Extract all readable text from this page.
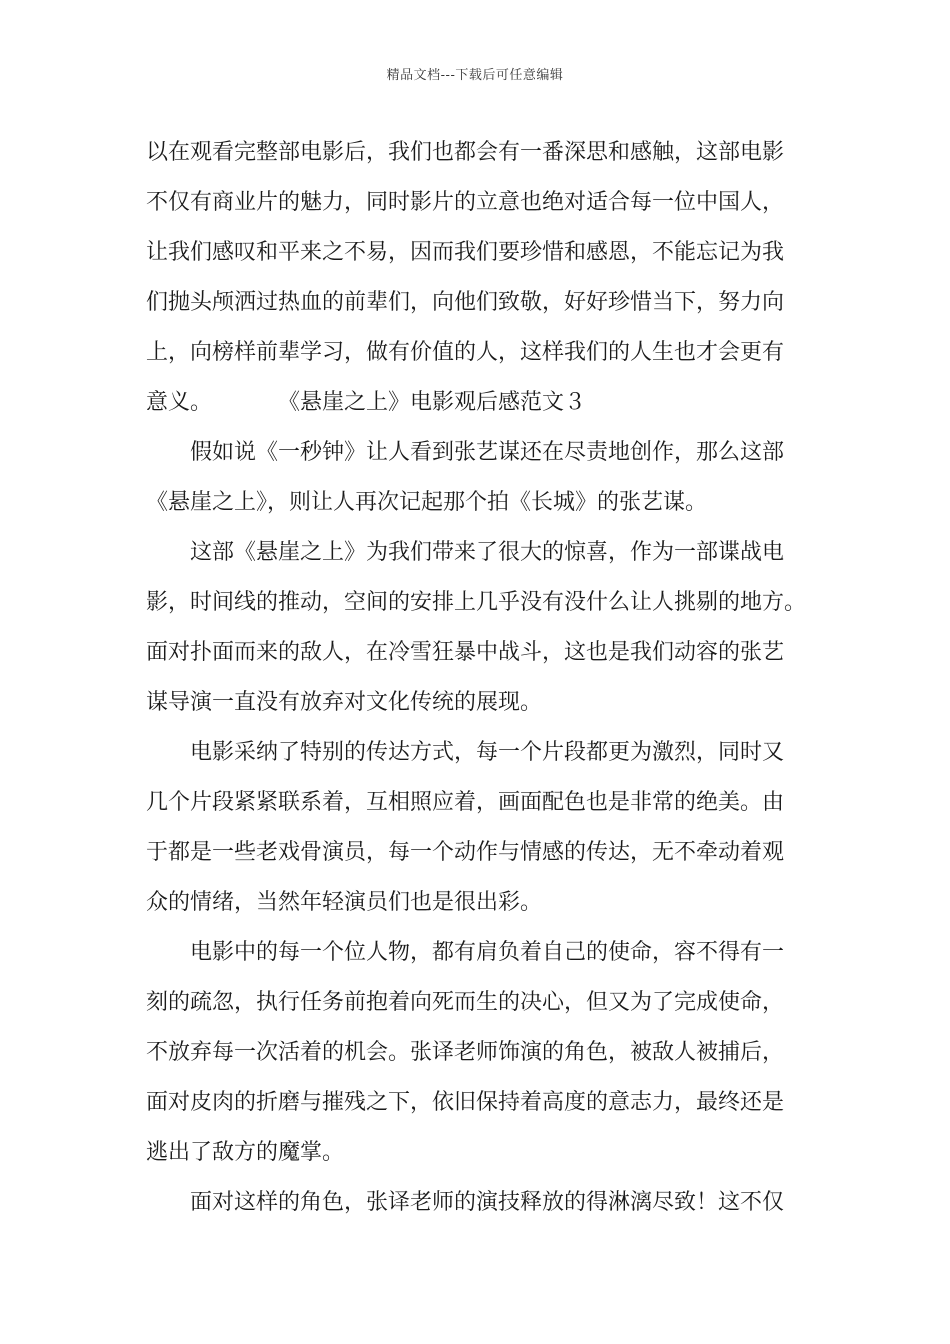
精品文档---下载后可任意编辑
以在观看完整部电影后，我们也都会有一番深思和感触，这部电影
不仅有商业片的魅力，同时影片的立意也绝对适合每一位中国人，
让我们感叹和平来之不易，因而我们要珍惜和感恩，不能忘记为我
们抛头颅洒过热血的前辈们，向他们致敬，好好珍惜当下，努力向
上，向榜样前辈学习，做有价值的人，这样我们的人生也才会更有
意义。	《悬崖之上》电影观后感范文３
　　假如说《一秒钟》让人看到张艺谋还在尽责地创作，那么这部
《悬崖之上》，则让人再次记起那个拍《长城》的张艺谋。
　　这部《悬崖之上》为我们带来了很大的惊喜，作为一部谍战电
影，时间线的推动，空间的安排上几乎没有没什么让人挑剔的地方。
面对扑面而来的敌人，在冷雪狂暴中战斗，这也是我们动容的张艺
谋导演一直没有放弃对文化传统的展现。
　　电影采纳了特别的传达方式，每一个片段都更为激烈，同时又
几个片段紧紧联系着，互相照应着，画面配色也是非常的绝美。由
于都是一些老戏骨演员，每一个动作与情感的传达，无不牵动着观
众的情绪，当然年轻演员们也是很出彩。
　　电影中的每一个位人物，都有肩负着自己的使命，容不得有一
刻的疏忽，执行任务前抱着向死而生的决心，但又为了完成使命，
不放弃每一次活着的机会。张译老师饰演的角色，被敌人被捕后，
面对皮肉的折磨与摧残之下，依旧保持着高度的意志力，最终还是
逃出了敌方的魔掌。
　　面对这样的角色，张译老师的演技释放的得淋漓尽致！这不仅
